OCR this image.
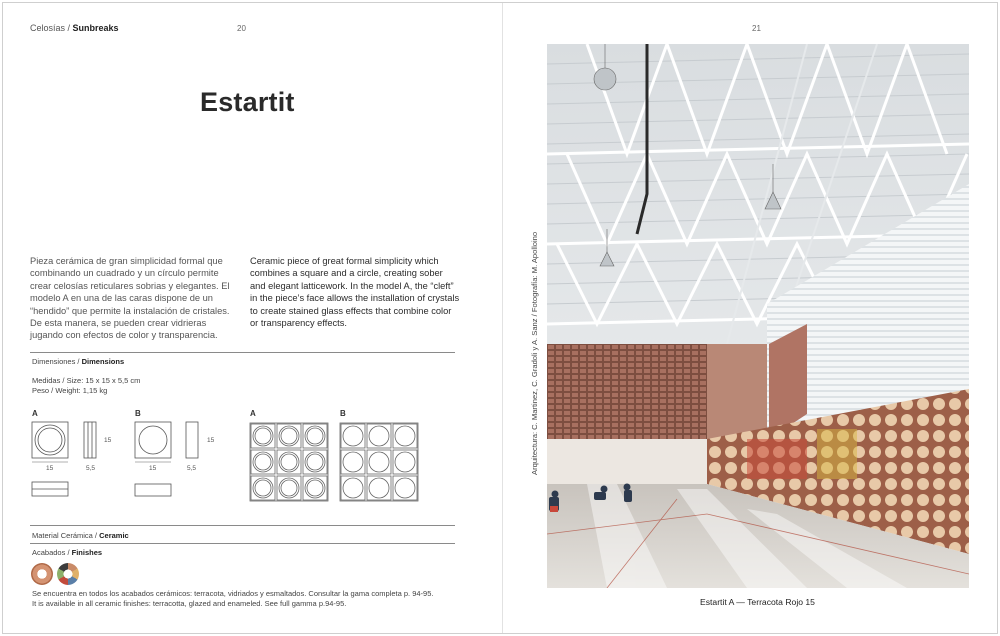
Celosías / Sunbreaks	20	21
Estartit
Pieza cerámica de gran simplicidad formal que combinando un cuadrado y un círculo permite crear celosías reticulares sobrias y elegantes. El modelo A en una de las caras dispone de un “hendido” que permite la instalación de cristales. De esta manera, se pueden crear vidrieras jugando con efectos de color y transparencia.
Ceramic piece of great formal simplicity which combines a square and a circle, creating sober and elegant latticework. In the model A, the “cleft” in the piece’s face allows the installation of crystals to create stained glass effects that combine color or transparency effects.
Dimensiones / Dimensions
Medidas / Size: 15 x 15 x 5,5 cm
Peso / Weight: 1,15 kg
A	B	A	B
15	5,5
15
15	5,5
15
Material Cerámica / Ceramic
Acabados / Finishes
Se encuentra en todos los acabados cerámicos: terracota, vidriados y esmaltados. Consultar la gama completa p. 94-95.
It is available in all ceramic finishes: terracotta, glazed and enameled. See full gamma p.94-95.
Arquitectura: C. Martinez, C. Gradoli y A. Sanz / Fotografía: M. Apolloino
Estartit A — Terracota Rojo 15
